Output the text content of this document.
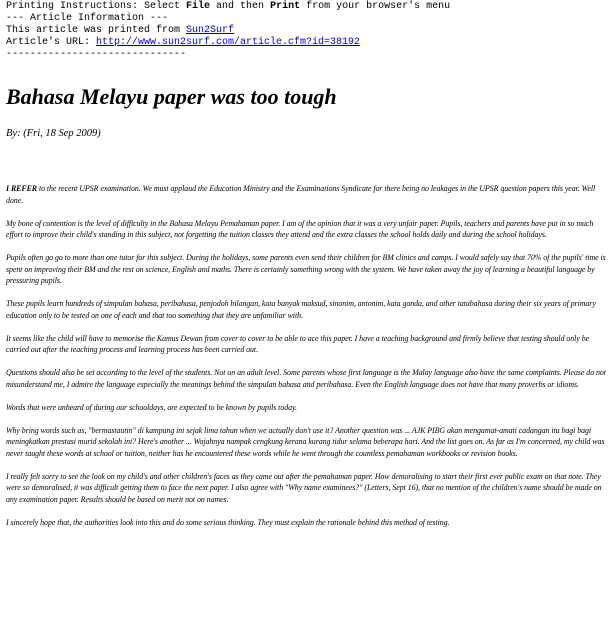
Printing Instructions: Select File and then Print from your browser's menu
--- Article Information ---
This article was printed from Sun2Surf
Article's URL: http://www.sun2surf.com/article.cfm?id=38192
------------------------------
Bahasa Melayu paper was too tough
By: (Fri, 18 Sep 2009)

I REFER to the recent UPSR examination. We must applaud the Education Ministry and the Examinations Syndicate for there being no leakages in the UPSR question papers this year. Well done.

My bone of contention is the level of difficulty in the Bahasa Melayu Pemahaman paper. I am of the opinion that it was a very unfair paper. Pupils, teachers and parents have put in so much effort to improve their child's standing in this subject, not forgetting the tuition classes they attend and the extra classes the school holds daily and during the school holidays.

Pupils often go go to more than one tutor for this subject. During the holidays, some parents even send their children for BM clinics and camps. I would safely say that 70% of the pupils' time is spent on improving their BM and the rest on science, English and maths. There is certainly something wrong with the system. We have taken away the joy of learning a beautiful language by pressuring pupils.

These pupils learn hundreds of simpulan bahasa, peribahasa, penjodoh bilangan, kata banyak maksud, sinonim, antonim, kata ganda, and other tatabahasa during their six years of primary education only to be tested on one of each and that too something that they are unfamiliar with.

It seems like the child will have to memorise the Kamus Dewan from cover to cover to be able to ace this paper. I have a teaching background and firmly believe that testing should only be carried out after the teaching process and learning process has been carried out.

Questions should also be set according to the level of the students. Not on an adult level. Some parents whose first language is the Malay language also have the same complaints. Please do not misunderstand me, I admire the language especially the meanings behind the simpulan bahasa and peribahasa. Even the English language does not have that many proverbs or idioms.

Words that were unheard of during our schooldays, are expected to be known by pupils today.

Why bring words such as, "bermastautin" di kampung ini sejak lima tahun when we actually don't use it? Another question was ... AJK PIBG akan mengamat-amati cadangan itu bagi bagi meningkatkan prestasi murid sekolah ini? Here's another ... Wajahnya nampak cengkung kerana kurang tidur selama beberapa hari. And the list goes on. As far as I'm concerned, my child was never taught these words at school or tuition, neither has he encountered these words while he went through the countless pemahaman workbooks or revision books.

I really felt sorry to see the look on my child's and other children's faces as they came out after the pemahaman paper. How demoralising to start their first ever public exam on that note. They were so demoralised, it was difficult getting them to face the next paper. I also agree with "Why name examinees?" (Letters, Sept 16), that no mention of the children's name should be made on any examination paper. Results should be based on merit not on names.

I sincerely hope that, the authorities look into this and do some serious thinking. They must explain the rationale behind this method of testing.
